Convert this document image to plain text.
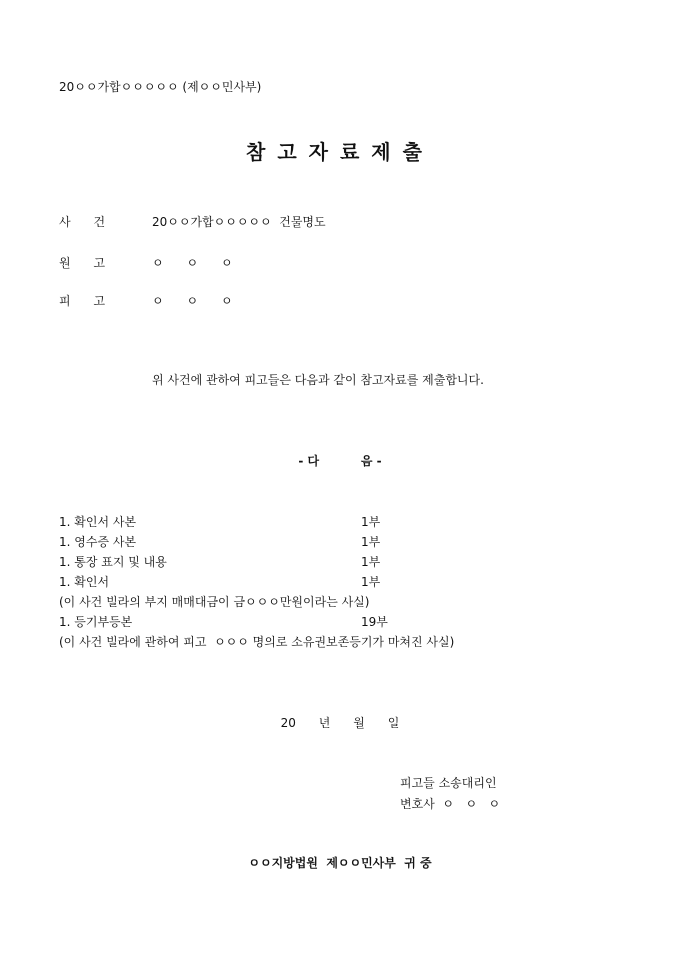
20ㅇㅇ가합ㅇㅇㅇㅇㅇ (제ㅇㅇ민사부)
참고자료제출
사      건	20ㅇㅇ가합ㅇㅇㅇㅇㅇ  건물명도
원      고	ㅇ      ㅇ      ㅇ
피      고	ㅇ      ㅇ      ㅇ
위 사건에 관하여 피고들은 다음과 같이 참고자료를 제출합니다.
- 다          음 -
1. 확인서 사본	1부
1. 영수증 사본	1부
1. 통장 표지 및 내용	1부
1. 확인서	1부
(이 사건 빌라의 부지 매매대금이 금ㅇㅇㅇ만원이라는 사실)
1. 등기부등본	19부
(이 사건 빌라에 관하여 피고  ㅇㅇㅇ 명의로 소유권보존등기가 마쳐진 사실)
20      년      월      일
피고들 소송대리인
변호사  ㅇ   ㅇ   ㅇ
ㅇㅇ지방법원  제ㅇㅇ민사부  귀 중
